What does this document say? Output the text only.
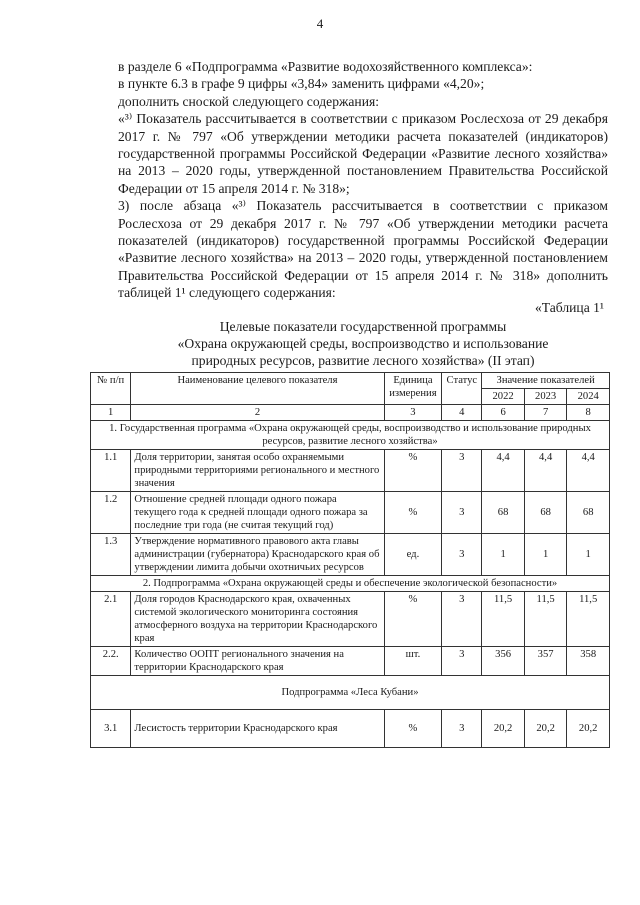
4

в разделе 6 «Подпрограмма «Развитие водохозяйственного комплекса»:

в пункте 6.3 в графе 9 цифры «3,84» заменить цифрами «4,20»;

дополнить сноской следующего содержания:

«³⁾ Показатель рассчитывается в соответствии с приказом Рослесхоза от 29 декабря 2017 г. № 797 «Об утверждении методики расчета показателей (индикаторов) государственной программы Российской Федерации «Развитие лесного хозяйства» на 2013 – 2020 годы, утвержденной постановлением Правительства Российской Федерации от 15 апреля 2014 г. № 318»;

3) после абзаца «³⁾ Показатель рассчитывается в соответствии с приказом Рослесхоза от 29 декабря 2017 г. № 797 «Об утверждении методики расчета показателей (индикаторов) государственной программы Российской Федерации «Развитие лесного хозяйства» на 2013 – 2020 годы, утвержденной постановлением Правительства Российской Федерации от 15 апреля 2014 г. № 318» дополнить таблицей 1¹ следующего содержания:

«Таблица 1¹
Целевые показатели государственной программы
«Охрана окружающей среды, воспроизводство и использование
природных ресурсов, развитие лесного хозяйства» (II этап)
№ п/п	Наименование целевого показателя	Единица измерения	Статус	Значение показателей		
				2022	2023	2024
1	2	3	4	6	7	8
1. Государственная программа «Охрана окружающей среды, воспроизводство и использование природных ресурсов, развитие лесного хозяйства»						
1.1	Доля территории, занятая особо охраняемыми природными территориями регионального и местного значения	%	3	4,4	4,4	4,4
1.2	Отношение средней площади одного пожара текущего года к средней площади одного пожара за последние три года (не считая текущий год)	%	3	68	68	68
1.3	Утверждение нормативного правового акта главы администрации (губернатора) Краснодарского края об утверждении лимита добычи охотничьих ресурсов	ед.	3	1	1	1
2. Подпрограмма «Охрана окружающей среды и обеспечение экологической безопасности»						
2.1	Доля городов Краснодарского края, охваченных системой экологического мониторинга состояния атмосферного воздуха на территории Краснодарского края	%	3	11,5	11,5	11,5
2.2.	Количество ООПТ регионального значения на территории Краснодарского края	шт.	3	356	357	358
Подпрограмма «Леса Кубани»						
3.1	Лесистость территории Краснодарского края	%	3	20,2	20,2	20,2
